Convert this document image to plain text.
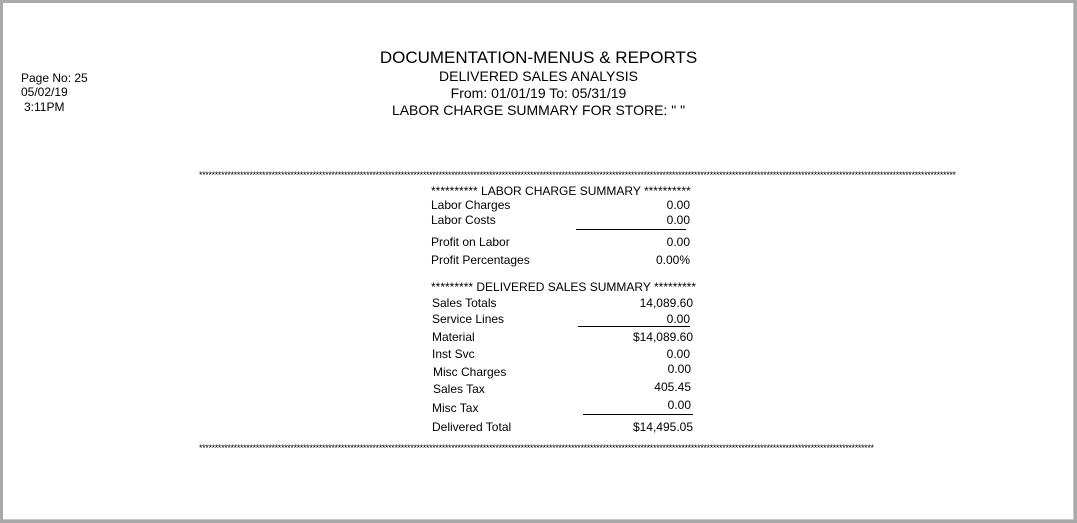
Page No: 25
05/02/19
3:11PM
DOCUMENTATION-MENUS & REPORTS
DELIVERED SALES ANALYSIS
From: 01/01/19 To: 05/31/19
LABOR CHARGE SUMMARY FOR STORE: " "
************************************************************************************************************************************************************************************************************************************************
********** LABOR CHARGE SUMMARY **********
Labor Charges	0.00
Labor Costs	0.00
Profit on Labor	0.00
Profit Percentages	0.00%
********* DELIVERED SALES SUMMARY *********
Sales Totals	14,089.60
Service Lines	0.00
Material	$14,089.60
Inst Svc	0.00
Misc Charges	0.00
Sales Tax	405.45
Misc Tax	0.00
Delivered Total	$14,495.05
**********************************************************************************************************************************************************************************************************************
